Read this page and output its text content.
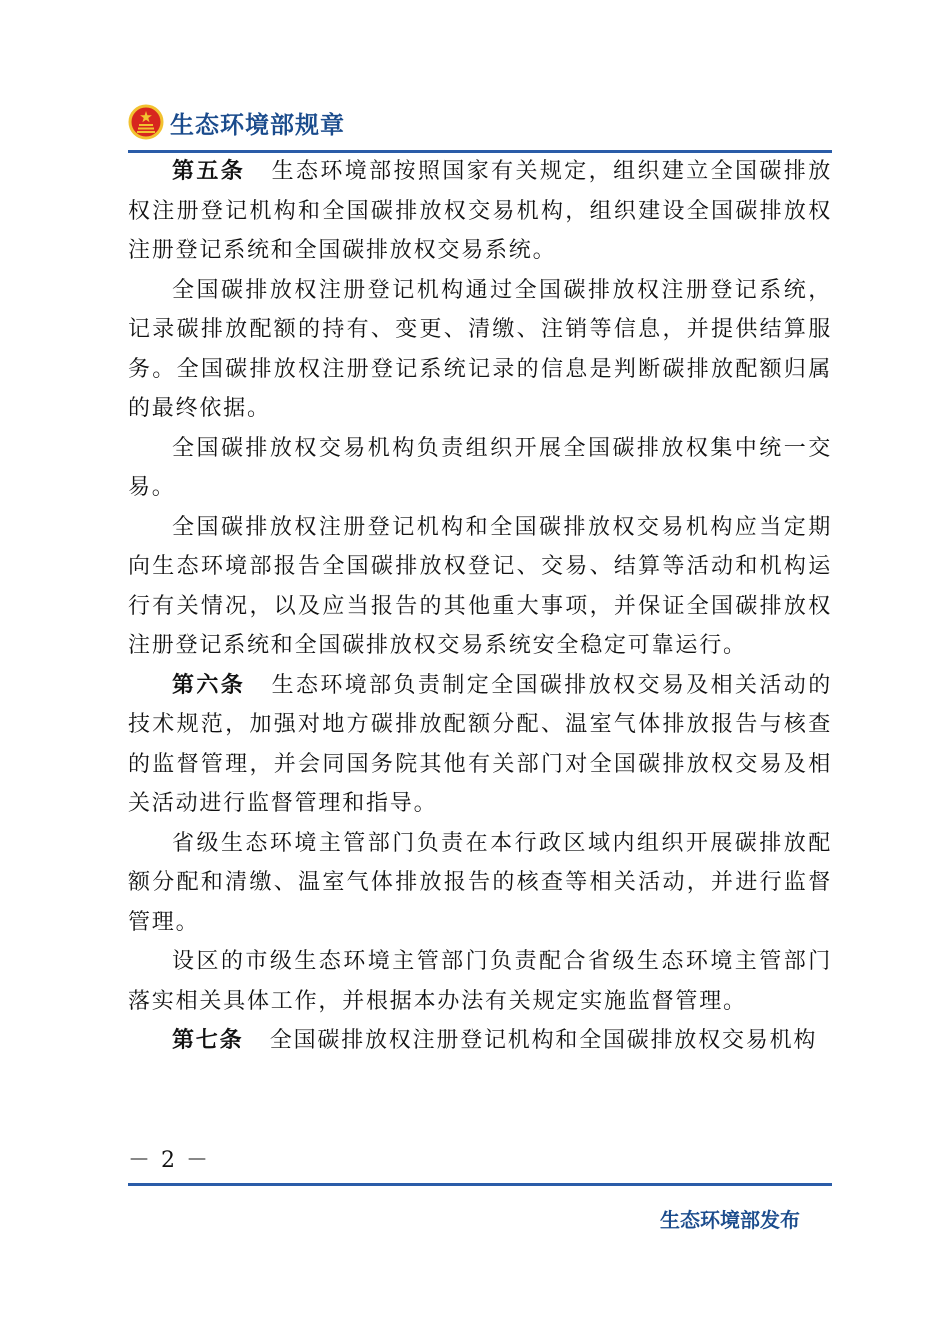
生态环境部规章

第五条 生态环境部按照国家有关规定，组织建立全国碳排放权注册登记机构和全国碳排放权交易机构，组织建设全国碳排放权注册登记系统和全国碳排放权交易系统。

全国碳排放权注册登记机构通过全国碳排放权注册登记系统，记录碳排放配额的持有、变更、清缴、注销等信息，并提供结算服务。全国碳排放权注册登记系统记录的信息是判断碳排放配额归属的最终依据。

全国碳排放权交易机构负责组织开展全国碳排放权集中统一交易。

全国碳排放权注册登记机构和全国碳排放权交易机构应当定期向生态环境部报告全国碳排放权登记、交易、结算等活动和机构运行有关情况，以及应当报告的其他重大事项，并保证全国碳排放权注册登记系统和全国碳排放权交易系统安全稳定可靠运行。

第六条 生态环境部负责制定全国碳排放权交易及相关活动的技术规范，加强对地方碳排放配额分配、温室气体排放报告与核查的监督管理，并会同国务院其他有关部门对全国碳排放权交易及相关活动进行监督管理和指导。

省级生态环境主管部门负责在本行政区域内组织开展碳排放配额分配和清缴、温室气体排放报告的核查等相关活动，并进行监督管理。

设区的市级生态环境主管部门负责配合省级生态环境主管部门落实相关具体工作，并根据本办法有关规定实施监督管理。

第七条 全国碳排放权注册登记机构和全国碳排放权交易机构

－ 2 －
生态环境部发布
